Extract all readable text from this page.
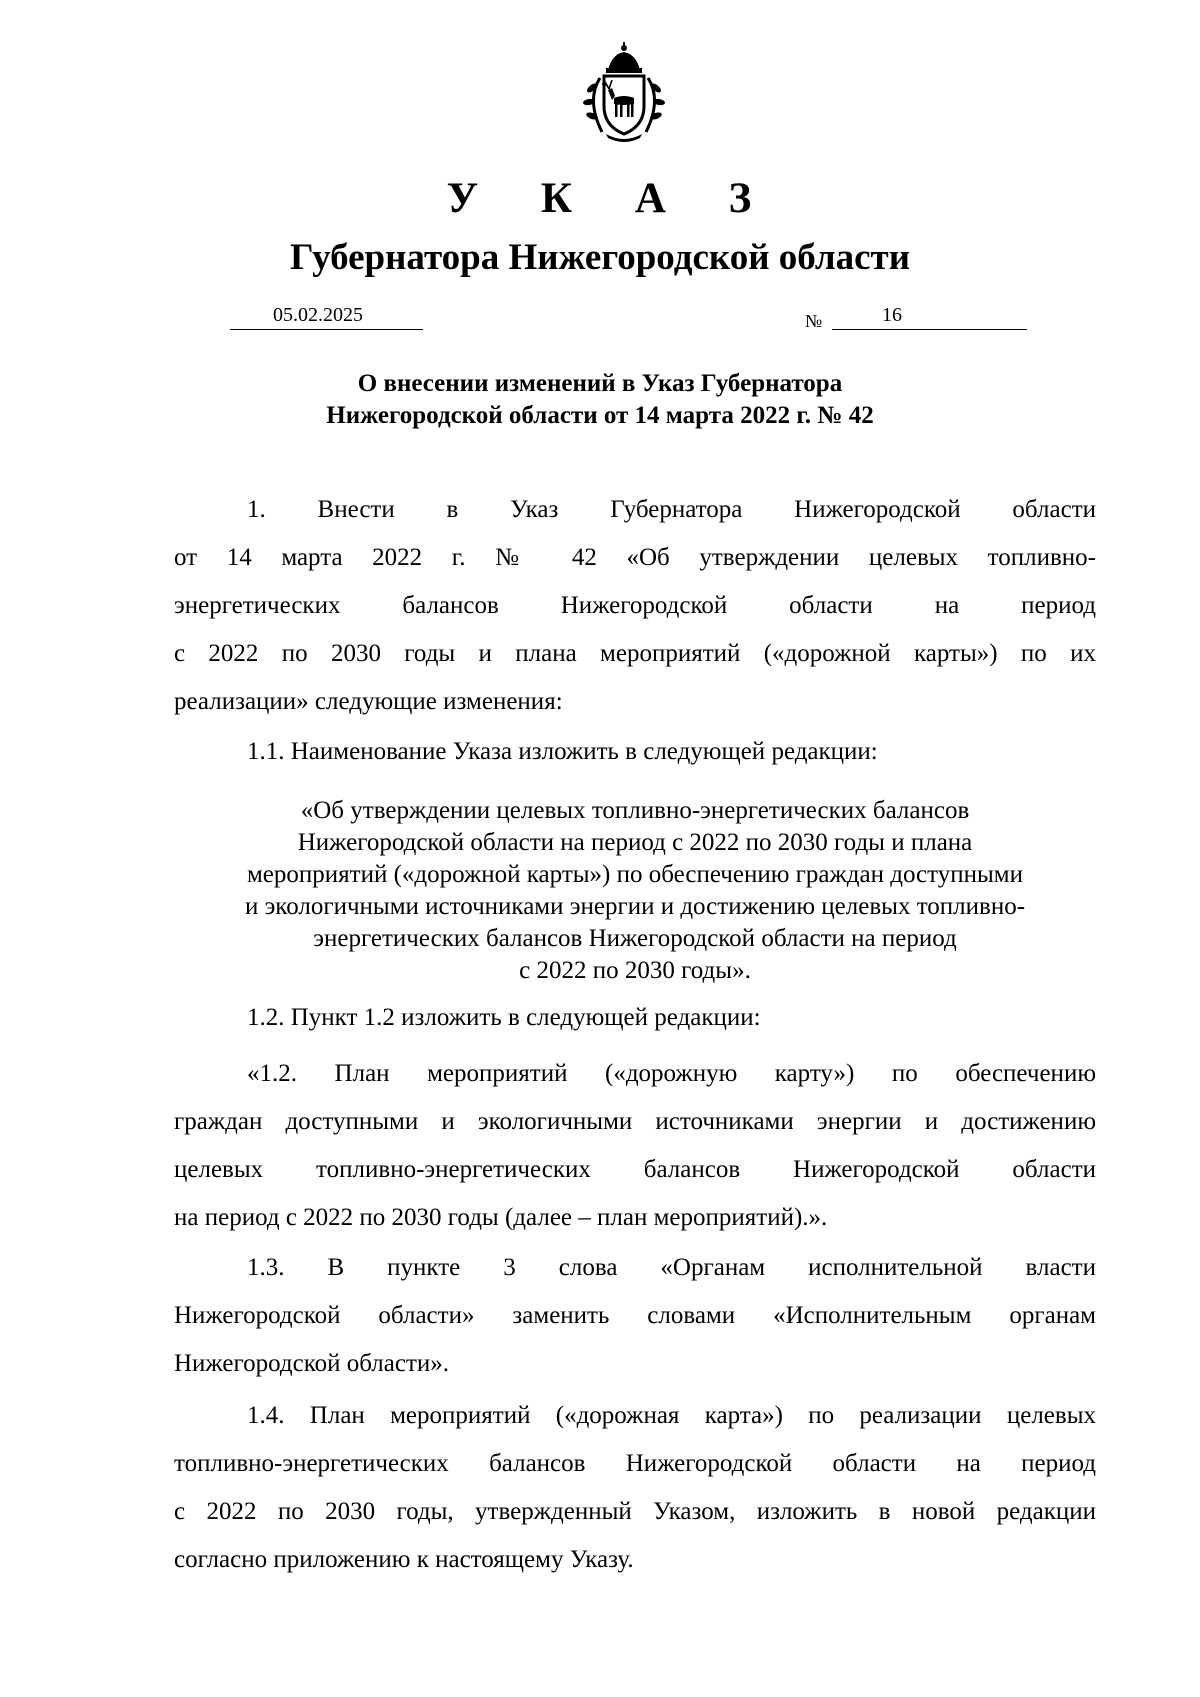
У К А З
Губернатора Нижегородской области
05.02.2025	№	16
О внесении изменений в Указ Губернатора
Нижегородской области от 14 марта 2022 г. № 42
1. Внести в Указ Губернатора Нижегородской области
от 14 марта 2022 г. № 42 «Об утверждении целевых топливно-
энергетических балансов Нижегородской области на период
с 2022 по 2030 годы и плана мероприятий («дорожной карты») по их
реализации» следующие изменения:
1.1. Наименование Указа изложить в следующей редакции:
«Об утверждении целевых топливно-энергетических балансов
Нижегородской области на период с 2022 по 2030 годы и плана
мероприятий («дорожной карты») по обеспечению граждан доступными
и экологичными источниками энергии и достижению целевых топливно-
энергетических балансов Нижегородской области на период
с 2022 по 2030 годы».
1.2. Пункт 1.2 изложить в следующей редакции:
«1.2. План мероприятий («дорожную карту») по обеспечению
граждан доступными и экологичными источниками энергии и достижению
целевых топливно-энергетических балансов Нижегородской области
на период с 2022 по 2030 годы (далее – план мероприятий).».
1.3. В пункте 3 слова «Органам исполнительной власти
Нижегородской области» заменить словами «Исполнительным органам
Нижегородской области».
1.4. План мероприятий («дорожная карта») по реализации целевых
топливно-энергетических балансов Нижегородской области на период
с 2022 по 2030 годы, утвержденный Указом, изложить в новой редакции
согласно приложению к настоящему Указу.
